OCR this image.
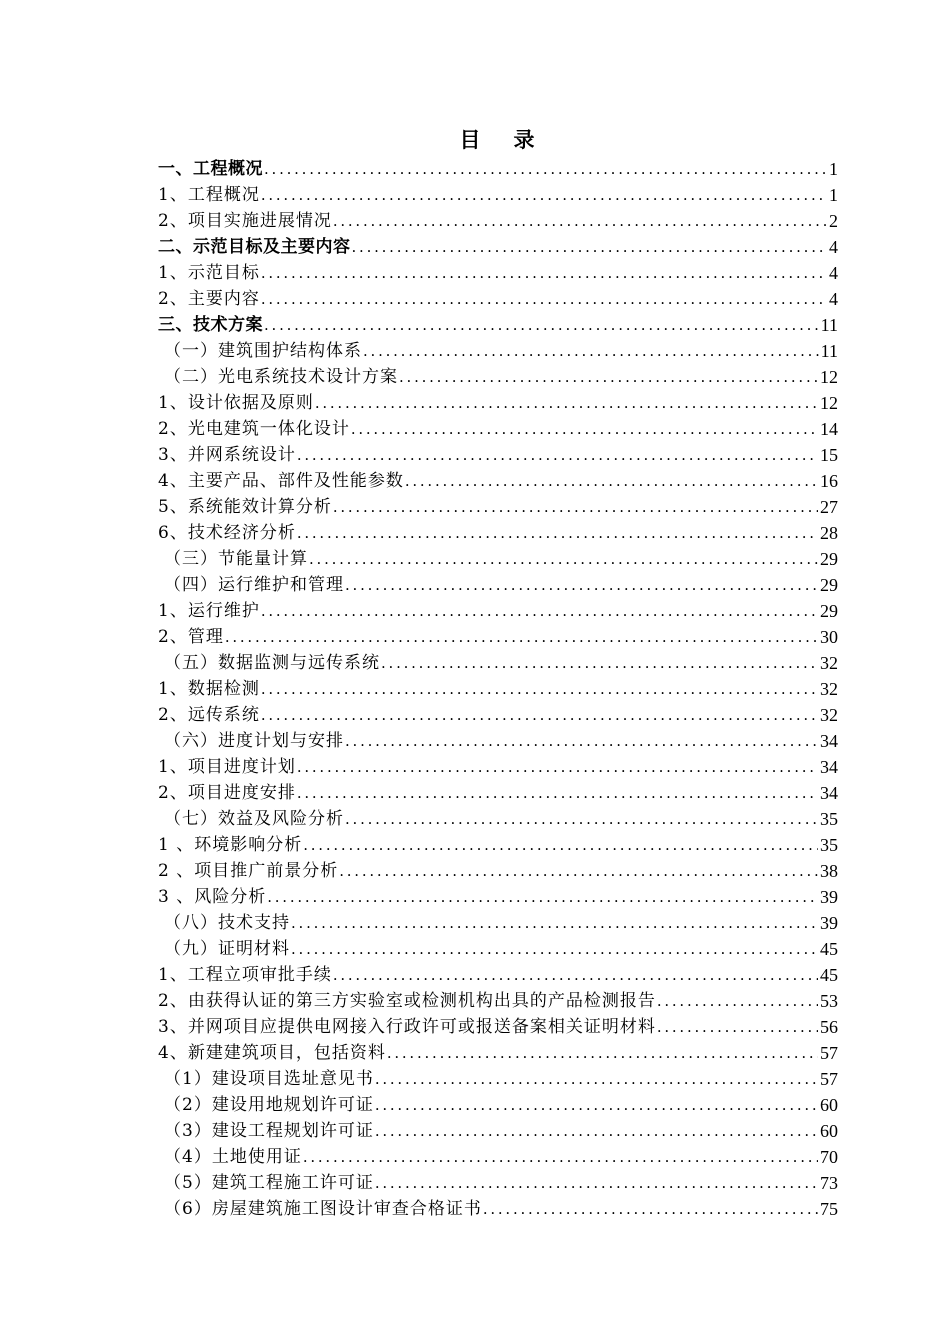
目　录
一、工程概况 . . .	1
1、工程概况 . . .	1
2、项目实施进展情况 . . .	2
二、示范目标及主要内容 . . .	4
1、示范目标 . . .	4
2、主要内容 . . .	4
三、技术方案 . . .	11
（一）建筑围护结构体系 . . .	11
（二）光电系统技术设计方案 . . .	12
1、设计依据及原则 . . .	12
2、光电建筑一体化设计 . . .	14
3、并网系统设计 . . .	15
4、主要产品、部件及性能参数 . . .	16
5、系统能效计算分析 . . .	27
6、技术经济分析 . . .	28
（三）节能量计算 . . .	29
（四）运行维护和管理 . . .	29
1、运行维护 . . .	29
2、管理 . . .	30
（五）数据监测与远传系统 . . .	32
1、数据检测 . . .	32
2、远传系统 . . .	32
（六）进度计划与安排 . . .	34
1、项目进度计划 . . .	34
2、项目进度安排 . . .	34
（七）效益及风险分析 . . .	35
1 、环境影响分析 . . .	35
2 、项目推广前景分析 . . .	38
3 、风险分析 . . .	39
（八）技术支持 . . .	39
（九）证明材料 . . .	45
1、工程立项审批手续 . . .	45
2、由获得认证的第三方实验室或检测机构出具的产品检测报告 . . .	53
3、并网项目应提供电网接入行政许可或报送备案相关证明材料 . . .	56
4、新建建筑项目，包括资料 . . .	57
（1）建设项目选址意见书 . . .	57
（2）建设用地规划许可证 . . .	60
（3）建设工程规划许可证 . . .	60
（4）土地使用证 . . .	70
（5）建筑工程施工许可证 . . .	73
（6）房屋建筑施工图设计审查合格证书 . . .	75
